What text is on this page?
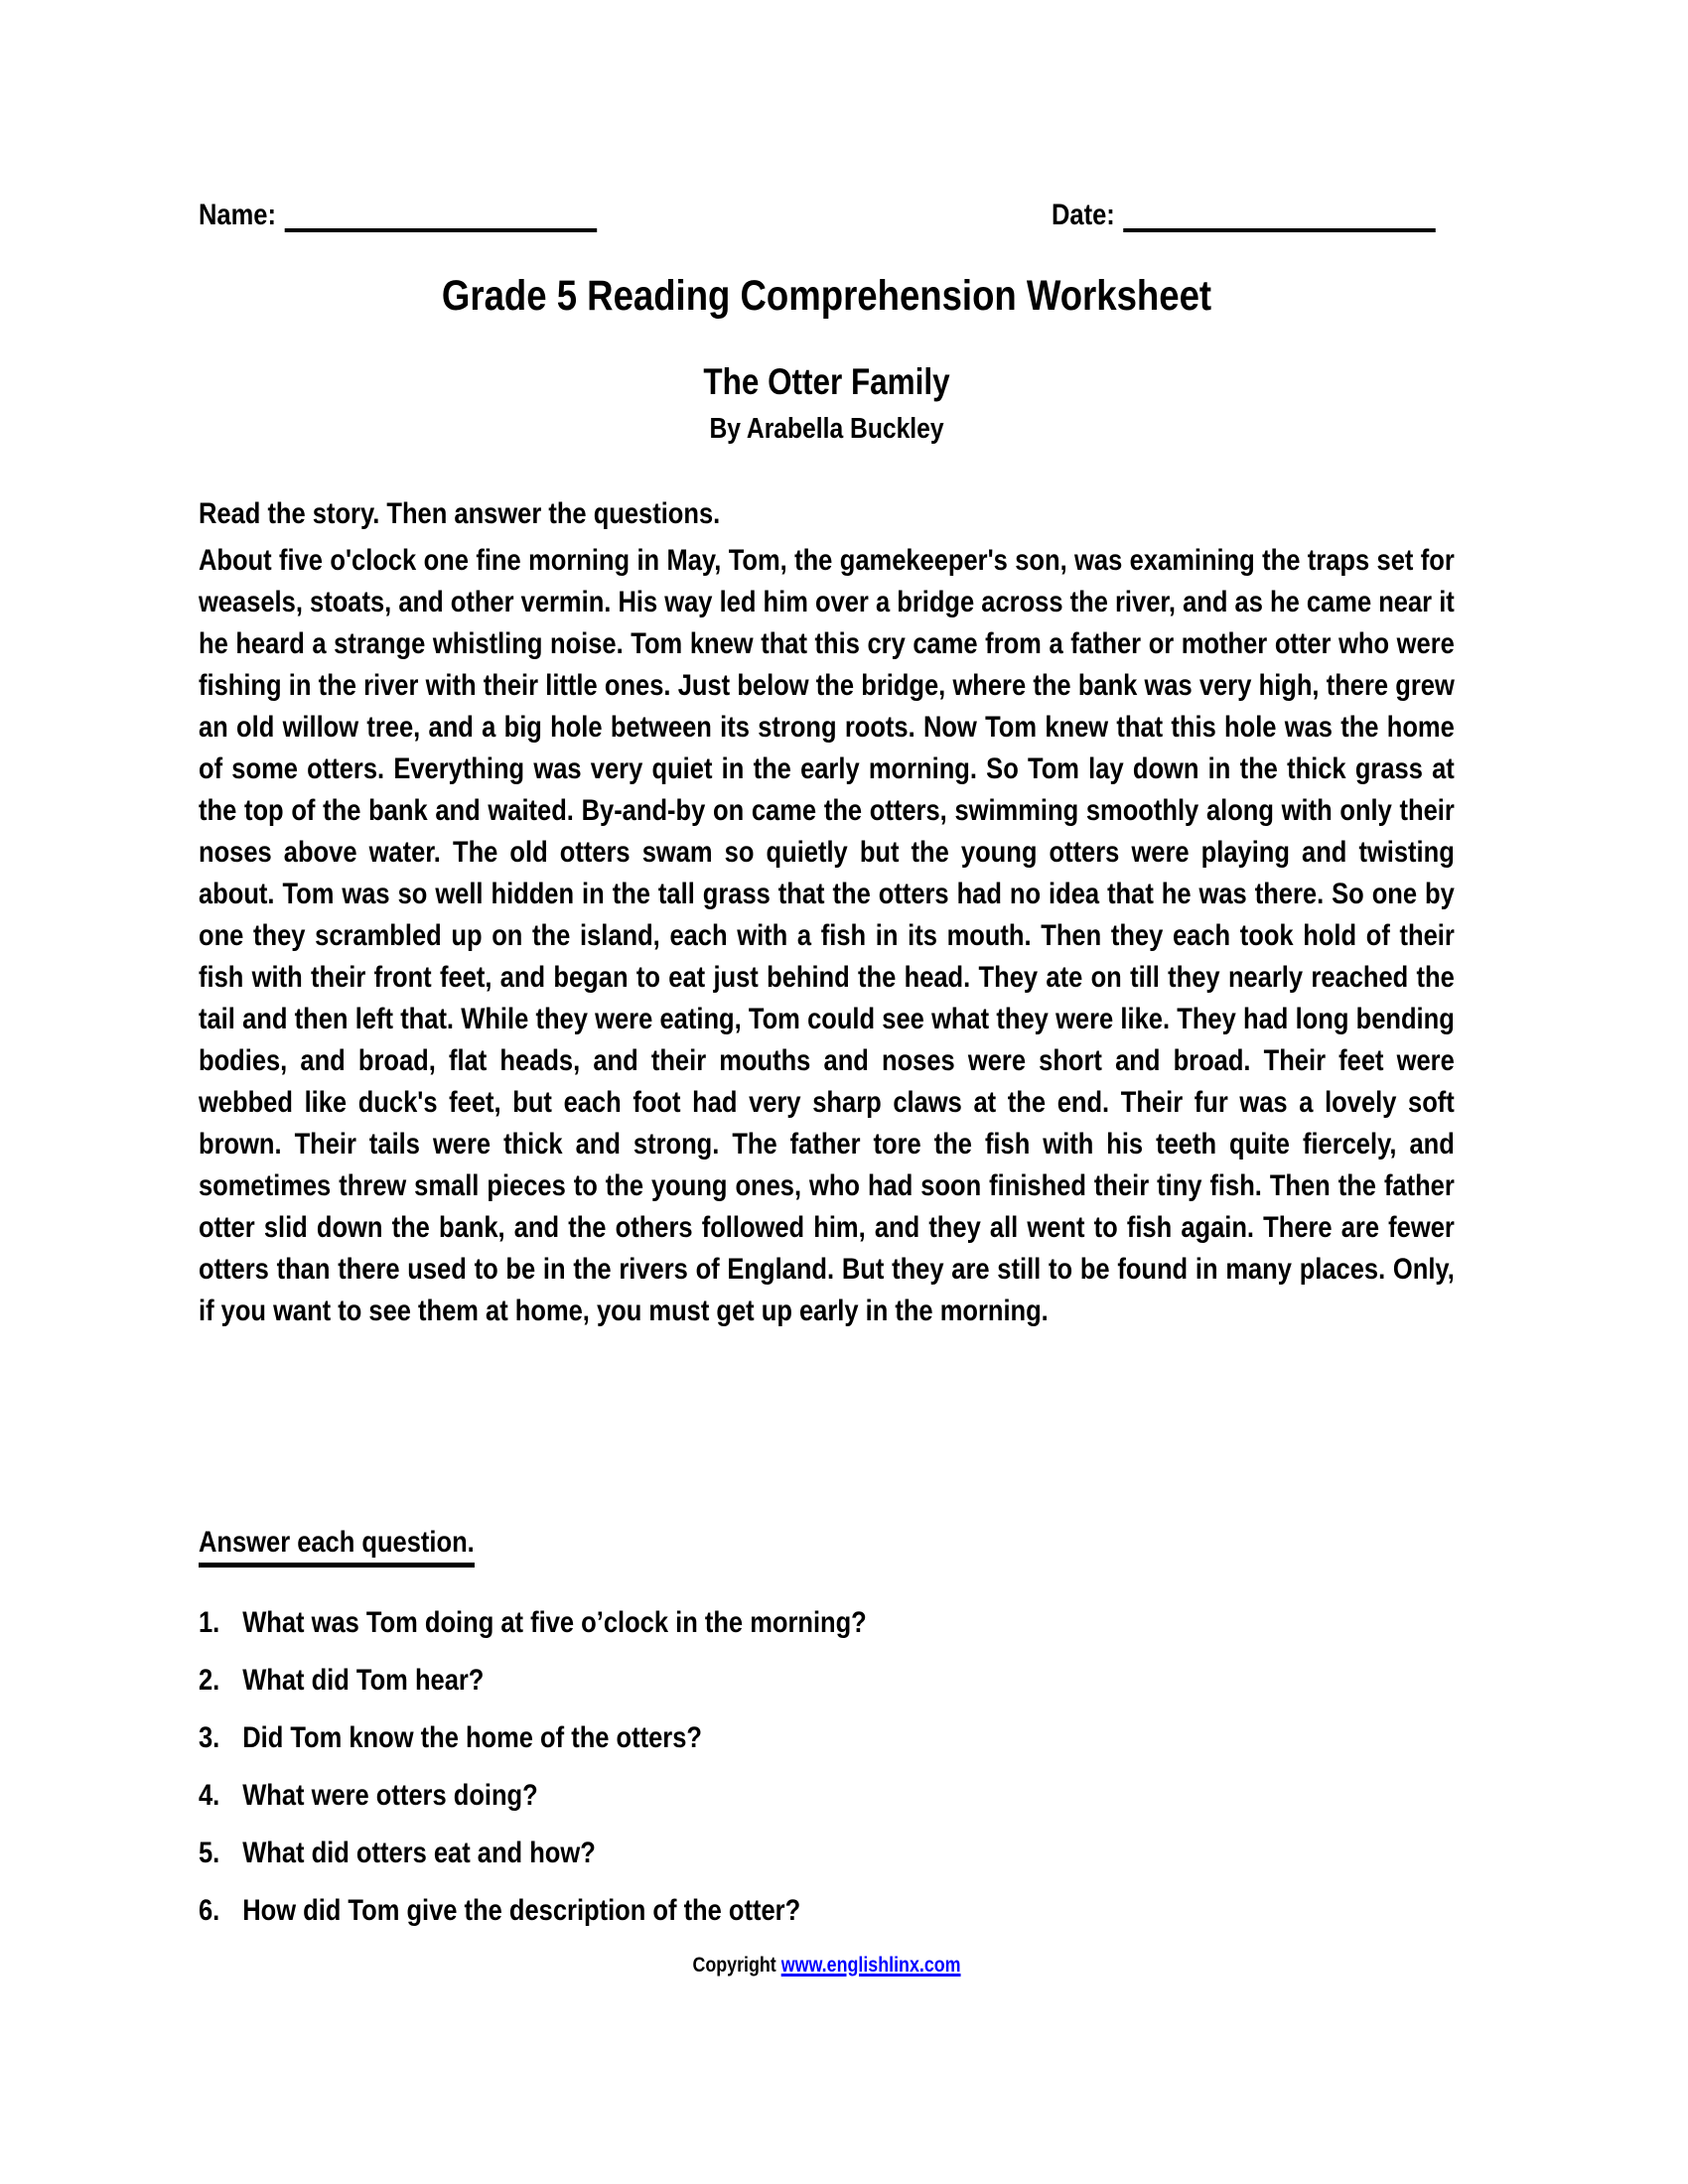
Name:	Date:
Grade 5 Reading Comprehension Worksheet
The Otter Family
By Arabella Buckley
Read the story. Then answer the questions.
About five o'clock one fine morning in May, Tom, the gamekeeper's son, was examining the traps set for weasels, stoats, and other vermin. His way led him over a bridge across the river, and as he came near it he heard a strange whistling noise. Tom knew that this cry came from a father or mother otter who were fishing in the river with their little ones. Just below the bridge, where the bank was very high, there grew an old willow tree, and a big hole between its strong roots. Now Tom knew that this hole was the home of some otters. Everything was very quiet in the early morning. So Tom lay down in the thick grass at the top of the bank and waited. By-and-by on came the otters, swimming smoothly along with only their noses above water. The old otters swam so quietly but the young otters were playing and twisting about. Tom was so well hidden in the tall grass that the otters had no idea that he was there. So one by one they scrambled up on the island, each with a fish in its mouth. Then they each took hold of their fish with their front feet, and began to eat just behind the head. They ate on till they nearly reached the tail and then left that. While they were eating, Tom could see what they were like. They had long bending bodies, and broad, flat heads, and their mouths and noses were short and broad. Their feet were webbed like duck's feet, but each foot had very sharp claws at the end. Their fur was a lovely soft brown. Their tails were thick and strong. The father tore the fish with his teeth quite fiercely, and sometimes threw small pieces to the young ones, who had soon finished their tiny fish. Then the father otter slid down the bank, and the others followed him, and they all went to fish again. There are fewer otters than there used to be in the rivers of England. But they are still to be found in many places. Only, if you want to see them at home, you must get up early in the morning.
Answer each question.
1. What was Tom doing at five o’clock in the morning?
2. What did Tom hear?
3. Did Tom know the home of the otters?
4. What were otters doing?
5. What did otters eat and how?
6. How did Tom give the description of the otter?
Copyright www.englishlinx.com
